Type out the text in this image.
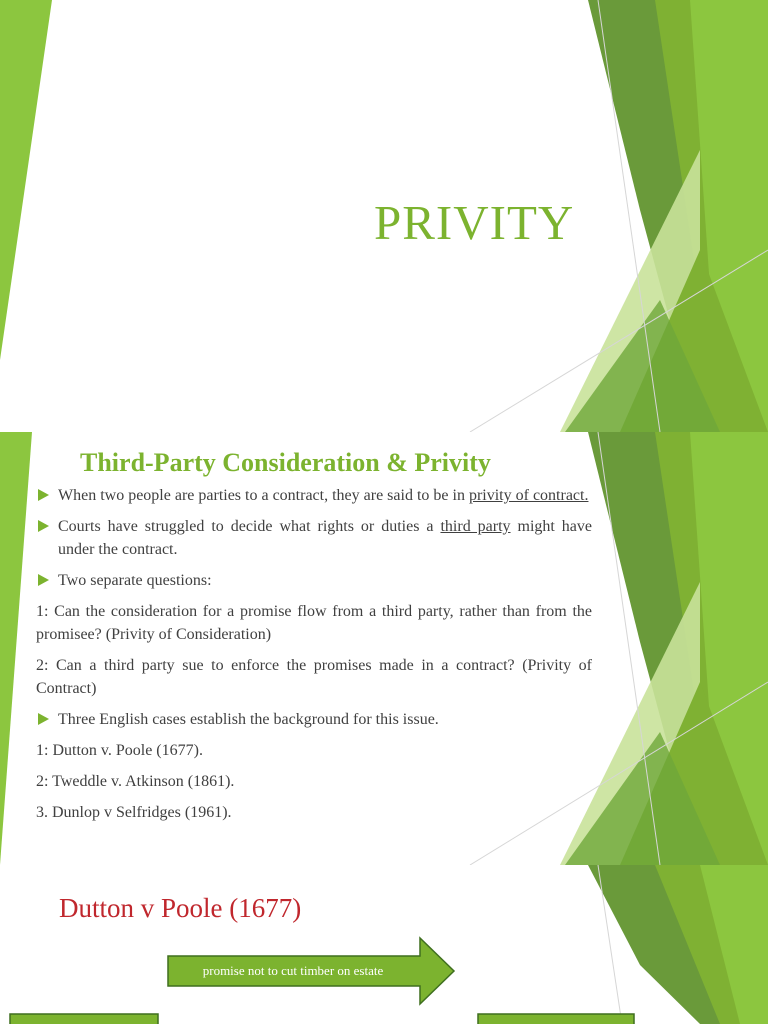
PRIVITY
Third-Party Consideration & Privity
When two people are parties to a contract, they are said to be in privity of contract.
Courts have struggled to decide what rights or duties a third party might have under the contract.
Two separate questions:
1: Can the consideration for a promise flow from a third party, rather than from the promisee? (Privity of Consideration)
2: Can a third party sue to enforce the promises made in a contract? (Privity of Contract)
Three English cases establish the background for this issue.
1: Dutton v. Poole (1677).
2: Tweddle v. Atkinson (1861).
3. Dunlop v Selfridges (1961).
Dutton v Poole (1677)
promise not to cut timber on estate
